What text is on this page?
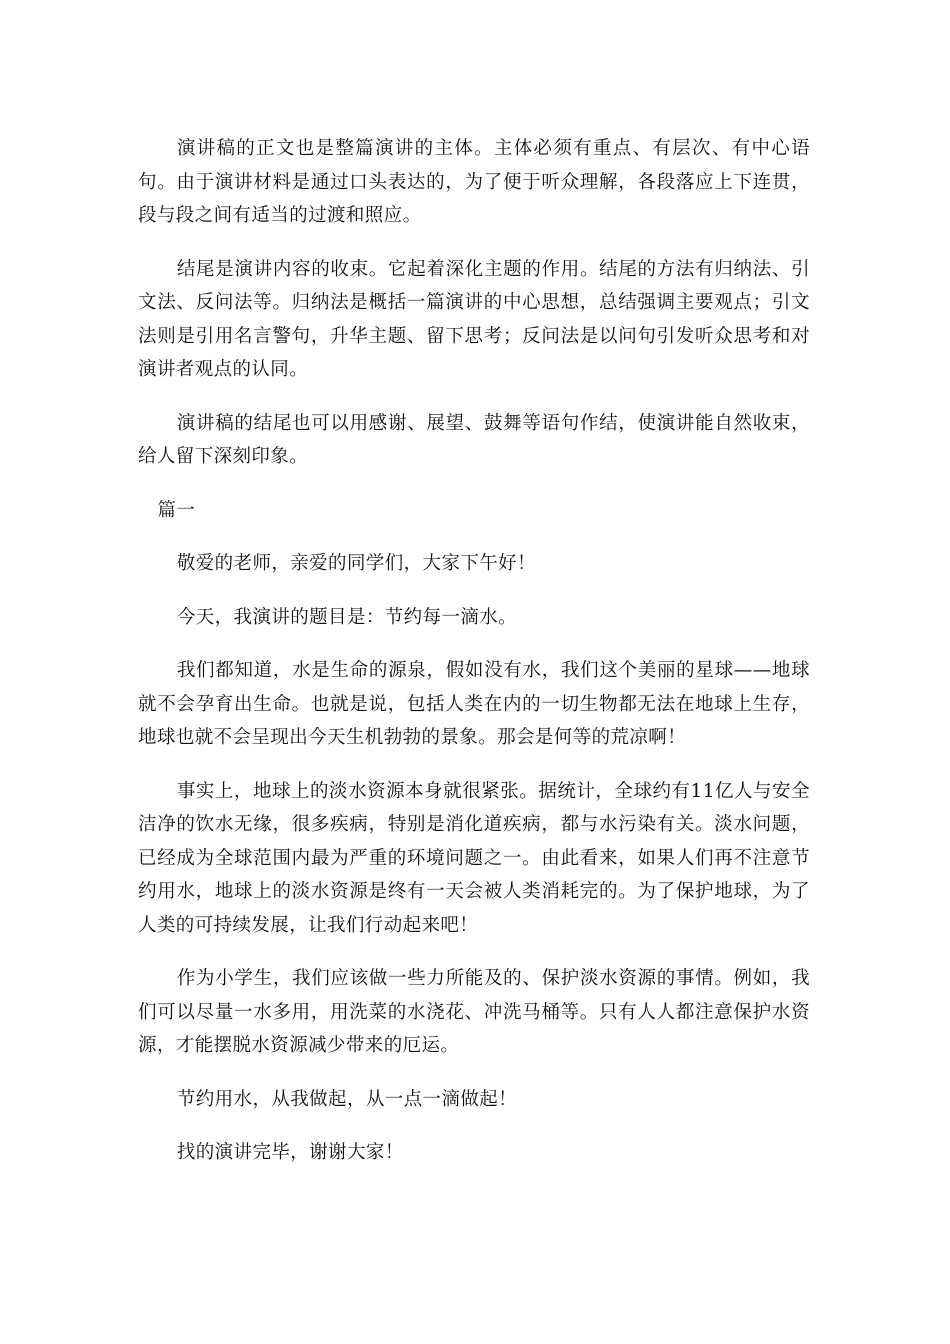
演讲稿的正文也是整篇演讲的主体。主体必须有重点、有层次、有中心语句。由于演讲材料是通过口头表达的，为了便于听众理解，各段落应上下连贯，段与段之间有适当的过渡和照应。

结尾是演讲内容的收束。它起着深化主题的作用。结尾的方法有归纳法、引文法、反问法等。归纳法是概括一篇演讲的中心思想，总结强调主要观点；引文法则是引用名言警句，升华主题、留下思考；反问法是以问句引发听众思考和对演讲者观点的认同。

演讲稿的结尾也可以用感谢、展望、鼓舞等语句作结，使演讲能自然收束，给人留下深刻印象。

篇一

敬爱的老师，亲爱的同学们，大家下午好！

今天，我演讲的题目是：节约每一滴水。

我们都知道，水是生命的源泉，假如没有水，我们这个美丽的星球——地球就不会孕育出生命。也就是说，包括人类在内的一切生物都无法在地球上生存，地球也就不会呈现出今天生机勃勃的景象。那会是何等的荒凉啊！

事实上，地球上的淡水资源本身就很紧张。据统计，全球约有11亿人与安全洁净的饮水无缘，很多疾病，特别是消化道疾病，都与水污染有关。淡水问题，已经成为全球范围内最为严重的环境问题之一。由此看来，如果人们再不注意节约用水，地球上的淡水资源是终有一天会被人类消耗完的。为了保护地球，为了人类的可持续发展，让我们行动起来吧！

作为小学生，我们应该做一些力所能及的、保护淡水资源的事情。例如，我们可以尽量一水多用，用洗菜的水浇花、冲洗马桶等。只有人人都注意保护水资源，才能摆脱水资源减少带来的厄运。

节约用水，从我做起，从一点一滴做起！

找的演讲完毕，谢谢大家！
